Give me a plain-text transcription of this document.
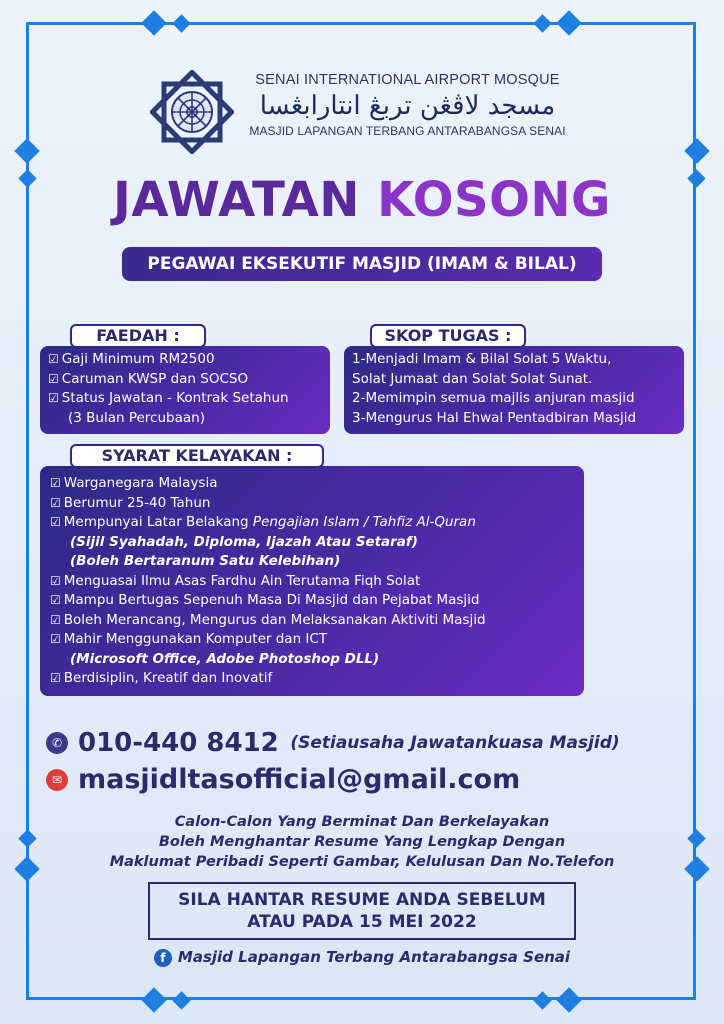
SENAI INTERNATIONAL AIRPORT MOSQUE
مسجد لاڤڠن تربڠ انتارابڠسا
MASJID LAPANGAN TERBANG ANTARABANGSA SENAI
JAWATAN KOSONG
PEGAWAI EKSEKUTIF MASJID (IMAM & BILAL)
☑ Gaji Minimum RM2500
☑ Caruman KWSP dan SOCSO
☑ Status Jawatan - Kontrak Setahun
(3 Bulan Percubaan)
FAEDAH :
1-Menjadi Imam & Bilal Solat 5 Waktu,
Solat Jumaat dan Solat Solat Sunat.
2-Memimpin semua majlis anjuran masjid
3-Mengurus Hal Ehwal Pentadbiran Masjid
SKOP TUGAS :
☑ Warganegara Malaysia
☑ Berumur 25-40 Tahun
☑ Mempunyai Latar Belakang Pengajian Islam / Tahfiz Al-Quran
(Sijil Syahadah, Diploma, Ijazah Atau Setaraf)
(Boleh Bertaranum Satu Kelebihan)
☑ Menguasai Ilmu Asas Fardhu Ain Terutama Fiqh Solat
☑ Mampu Bertugas Sepenuh Masa Di Masjid dan Pejabat Masjid
☑ Boleh Merancang, Mengurus dan Melaksanakan Aktiviti Masjid
☑ Mahir Menggunakan Komputer dan ICT
(Microsoft Office, Adobe Photoshop DLL)
☑ Berdisiplin, Kreatif dan Inovatif
SYARAT KELAYAKAN :
✆ 010-440 8412 (Setiausaha Jawatankuasa Masjid)
✉ masjidltasofficial@gmail.com
Calon-Calon Yang Berminat Dan Berkelayakan
Boleh Menghantar Resume Yang Lengkap Dengan
Maklumat Peribadi Seperti Gambar, Kelulusan Dan No.Telefon
SILA HANTAR RESUME ANDA SEBELUM
ATAU PADA 15 MEI 2022
f Masjid Lapangan Terbang Antarabangsa Senai
